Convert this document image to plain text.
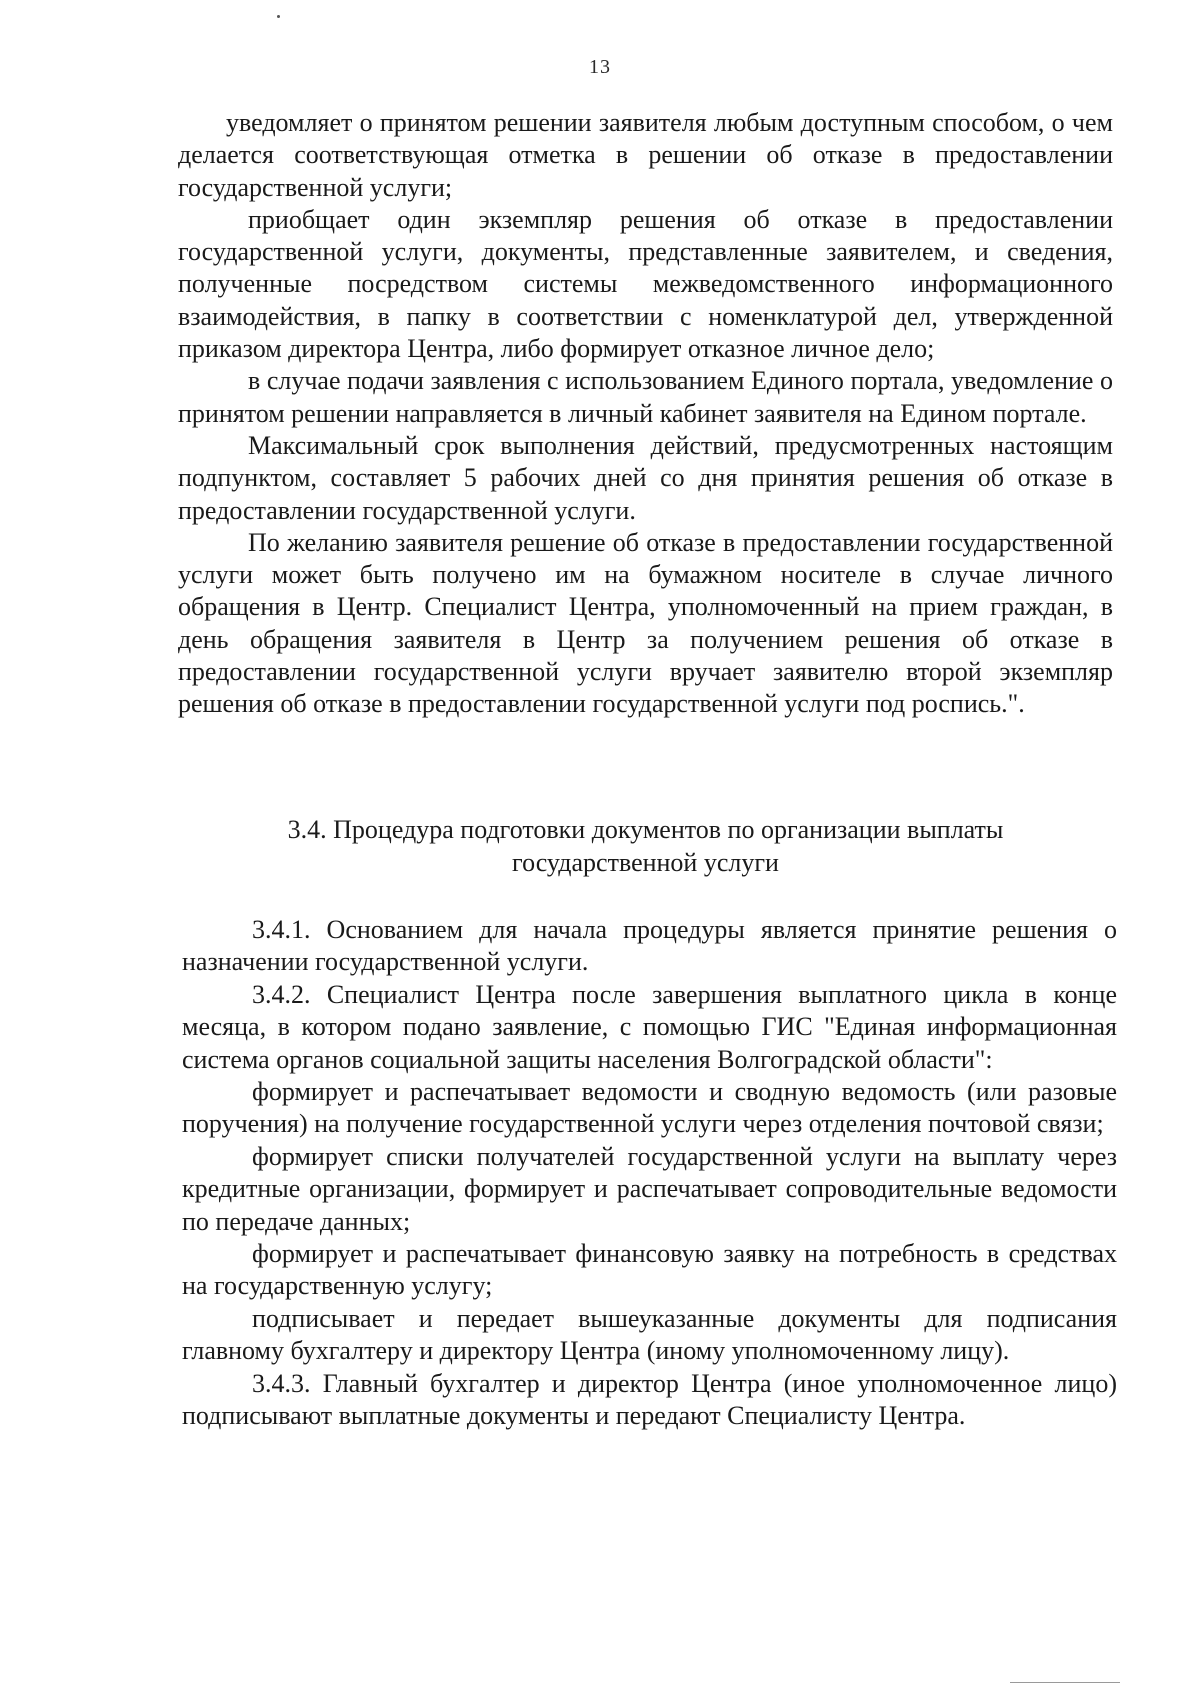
13

уведомляет о принятом решении заявителя любым доступным способом, о чем делается соответствующая отметка в решении об отказе в предоставлении государственной услуги;

приобщает один экземпляр решения об отказе в предоставлении государственной услуги, документы, представленные заявителем, и сведения, полученные посредством системы межведомственного информационного взаимодействия, в папку в соответствии с номенклатурой дел, утвержденной приказом директора Центра, либо формирует отказное личное дело;

в случае подачи заявления с использованием Единого портала, уведомление о принятом решении направляется в личный кабинет заявителя на Едином портале.

Максимальный срок выполнения действий, предусмотренных настоящим подпунктом, составляет 5 рабочих дней со дня принятия решения об отказе в предоставлении государственной услуги.

По желанию заявителя решение об отказе в предоставлении государственной услуги может быть получено им на бумажном носителе в случае личного обращения в Центр. Специалист Центра, уполномоченный на прием граждан, в день обращения заявителя в Центр за получением решения об отказе в предоставлении государственной услуги вручает заявителю второй экземпляр решения об отказе в предоставлении государственной услуги под роспись.".

3.4. Процедура подготовки документов по организации выплаты
государственной услуги

3.4.1. Основанием для начала процедуры является принятие решения о назначении государственной услуги.

3.4.2. Специалист Центра после завершения выплатного цикла в конце месяца, в котором подано заявление, с помощью ГИС "Единая информационная система органов социальной защиты населения Волгоградской области":

формирует и распечатывает ведомости и сводную ведомость (или разовые поручения) на получение государственной услуги через отделения почтовой связи;

формирует списки получателей государственной услуги на выплату через кредитные организации, формирует и распечатывает сопроводительные ведомости по передаче данных;

формирует и распечатывает финансовую заявку на потребность в средствах на государственную услугу;

подписывает и передает вышеуказанные документы для подписания главному бухгалтеру и директору Центра (иному уполномоченному лицу).

3.4.3. Главный бухгалтер и директор Центра (иное уполномоченное лицо) подписывают выплатные документы и передают Специалисту Центра.
